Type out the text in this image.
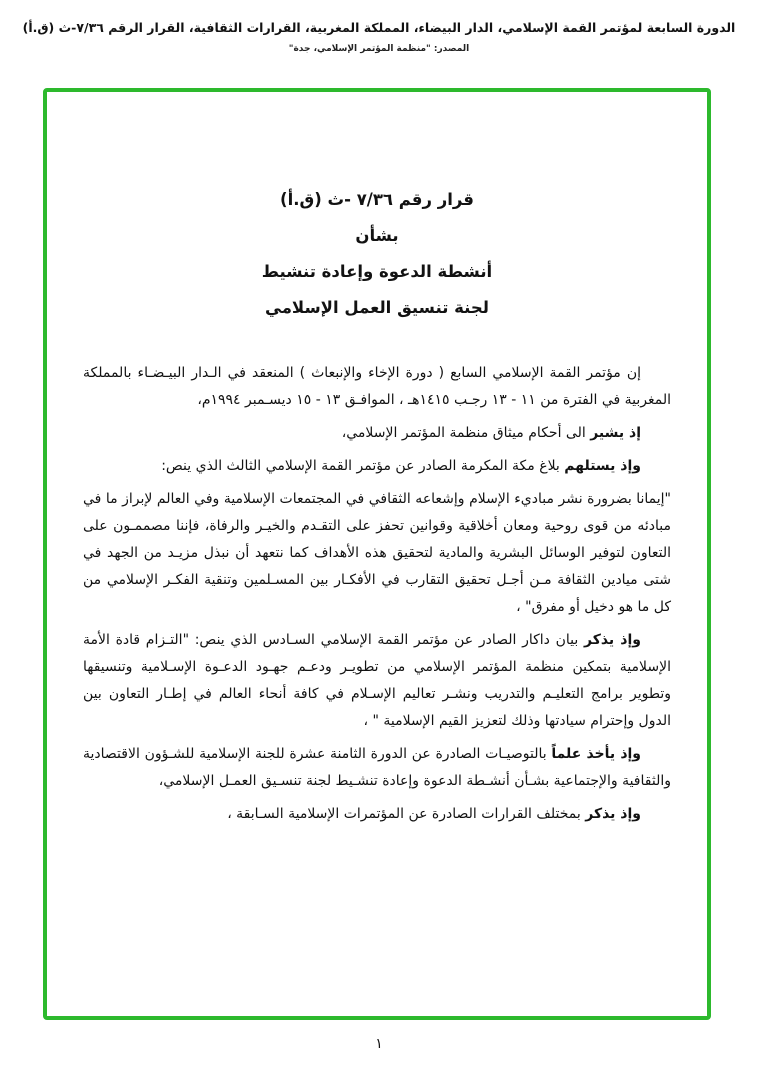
الدورة السابعة لمؤتمر القمة الإسلامي، الدار البيضاء، المملكة المغربية، القرارات الثقافية، القرار الرقم ٧/٣٦-ث (ق.أ)
المصدر: "منظمة المؤتمر الإسلامي، جدة"
قرار رقم ٧/٣٦ -ث (ق.أ)
بشأن
أنشطة الدعوة وإعادة تنشيط
لجنة تنسيق العمل الإسلامي

إن مؤتمر القمة الإسلامي السابع ( دورة الإخاء والإنبعاث ) المنعقد في الـدار البيـضـاء بالمملكة المغربية في الفترة من ١١ - ١٣ رجـب ١٤١٥هـ ، الموافـق ١٣ - ١٥ ديسـمبر ١٩٩٤م،

إذ يشير الى أحكام ميثاق منظمة المؤتمر الإسلامي،

وإذ يستلهم بلاغ مكة المكرمة الصادر عن مؤتمر القمة الإسلامي الثالث الذي ينص:

"إيمانا بضرورة نشر مباديء الإسلام وإشعاعه الثقافي في المجتمعات الإسلامية وفي العالم لإبراز ما في مبادئه من قوى روحية ومعان أخلاقية وقوانين تحفز على التقـدم والخيـر والرفاة، فإننا مصممـون على التعاون لتوفير الوسائل البشرية والمادية لتحقيق هذه الأهداف كما نتعهد أن نبذل مزيـد من الجهد في شتى ميادين الثقافة مـن أجـل تحقيق التقارب في الأفكـار بين المسـلمين وتنقية الفكـر الإسلامي من كل ما هو دخيل أو مفرق" ،

وإذ يذكر بيان داكار الصادر عن مؤتمر القمة الإسلامي السـادس الذي ينص: "التـزام قادة الأمة الإسلامية بتمكين منظمة المؤتمر الإسلامي من تطويـر ودعـم جهـود الدعـوة الإسـلامية وتنسيقها وتطوير برامج التعليـم والتدريب ونشـر تعاليم الإسـلام في كافة أنحاء العالم في إطـار التعاون بين الدول وإحترام سيادتها وذلك لتعزيز القيم الإسلامية " ،

وإذ يأخذ علماً بالتوصيـات الصادرة عن الدورة الثامنة عشرة للجنة الإسلامية للشـؤون الاقتصادية والثقافية والإجتماعية بشـأن أنشـطة الدعوة وإعادة تنشـيط لجنة تنسـيق العمـل الإسلامي،

وإذ يذكر بمختلف القرارات الصادرة عن المؤتمرات الإسلامية السـابقة ،

١
